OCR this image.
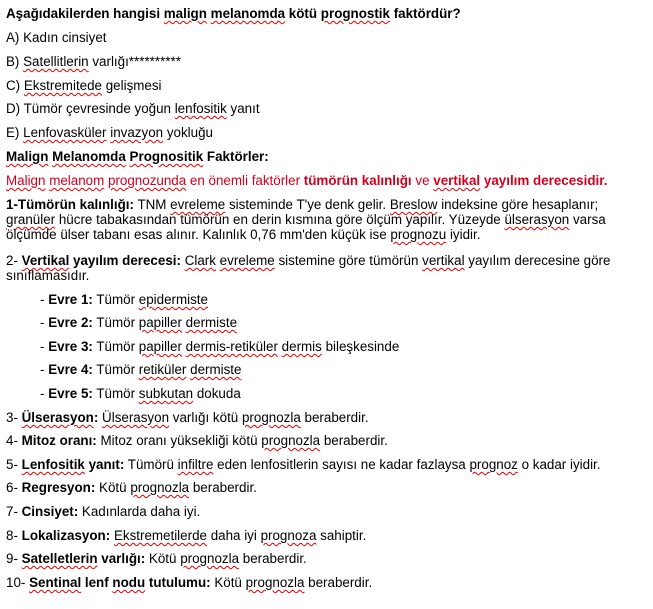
Aşağıdakilerden hangisi malign melanomda kötü prognostik faktördür?
A) Kadın cinsiyet
B) Satellitlerin varlığı**********
C) Ekstremitede gelişmesi
D) Tümör çevresinde yoğun lenfositik yanıt
E) Lenfovasküler invazyon yokluğu
Malign Melanomda Prognositik Faktörler:
Malign melanom prognozunda en önemli faktörler tümörün kalınlığı ve vertikal yayılım derecesidir.
1-Tümörün kalınlığı: TNM evreleme sisteminde T'ye denk gelir. Breslow indeksine göre hesaplanır; granüler hücre tabakasından tümörün en derin kısmına göre ölçüm yapılır. Yüzeyde ülserasyon varsa ölçümde ülser tabanı esas alınır. Kalınlık 0,76 mm'den küçük ise prognozu iyidir.
2- Vertikal yayılım derecesi: Clark evreleme sistemine göre tümörün vertikal yayılım derecesine göre sınıflamasıdır.
- Evre 1: Tümör epidermiste
- Evre 2: Tümör papiller dermiste
- Evre 3: Tümör papiller dermis-retiküler dermis bileşkesinde
- Evre 4: Tümör retiküler dermiste
- Evre 5: Tümör subkutan dokuda
3- Ülserasyon: Ülserasyon varlığı kötü prognozla beraberdir.
4- Mitoz oranı: Mitoz oranı yüksekliği kötü prognozla beraberdir.
5- Lenfositik yanıt: Tümörü infiltre eden lenfositlerin sayısı ne kadar fazlaysa prognoz o kadar iyidir.
6- Regresyon: Kötü prognozla beraberdir.
7- Cinsiyet: Kadınlarda daha iyi.
8- Lokalizasyon: Ekstremetilerde daha iyi prognoza sahiptir.
9- Satelletlerin varlığı: Kötü prognozla beraberdir.
10- Sentinal lenf nodu tutulumu: Kötü prognozla beraberdir.
